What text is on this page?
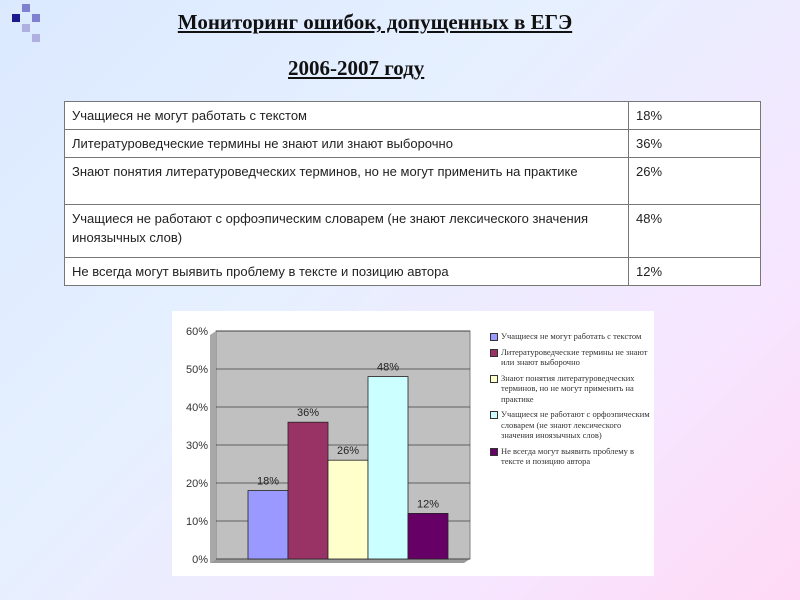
Мониторинг ошибок, допущенных в ЕГЭ
2006-2007 году
Учащиеся не могут работать с текстом	18%
Литературоведческие термины не знают или знают выборочно	36%
Знают понятия литературоведческих терминов, но не могут применить на практике	26%
Учащиеся не работают с орфоэпическим словарем (не знают лексического значения иноязычных слов)	48%
Не всегда могут выявить проблему в тексте и позицию автора	12%
0%
10%
20%
30%
40%
50%
60%
18%
36%
26%
48%
12%
Учащиеся не могут работать с текстом
Литературоведческие термины не знают или знают выборочно
Знают понятия литературоведческих терминов, но не могут применить на практике
Учащиеся не работают с орфоэпическим словарем (не знают лексического значения иноязычных слов)
Не всегда могут выявить проблему в тексте и позицию автора
